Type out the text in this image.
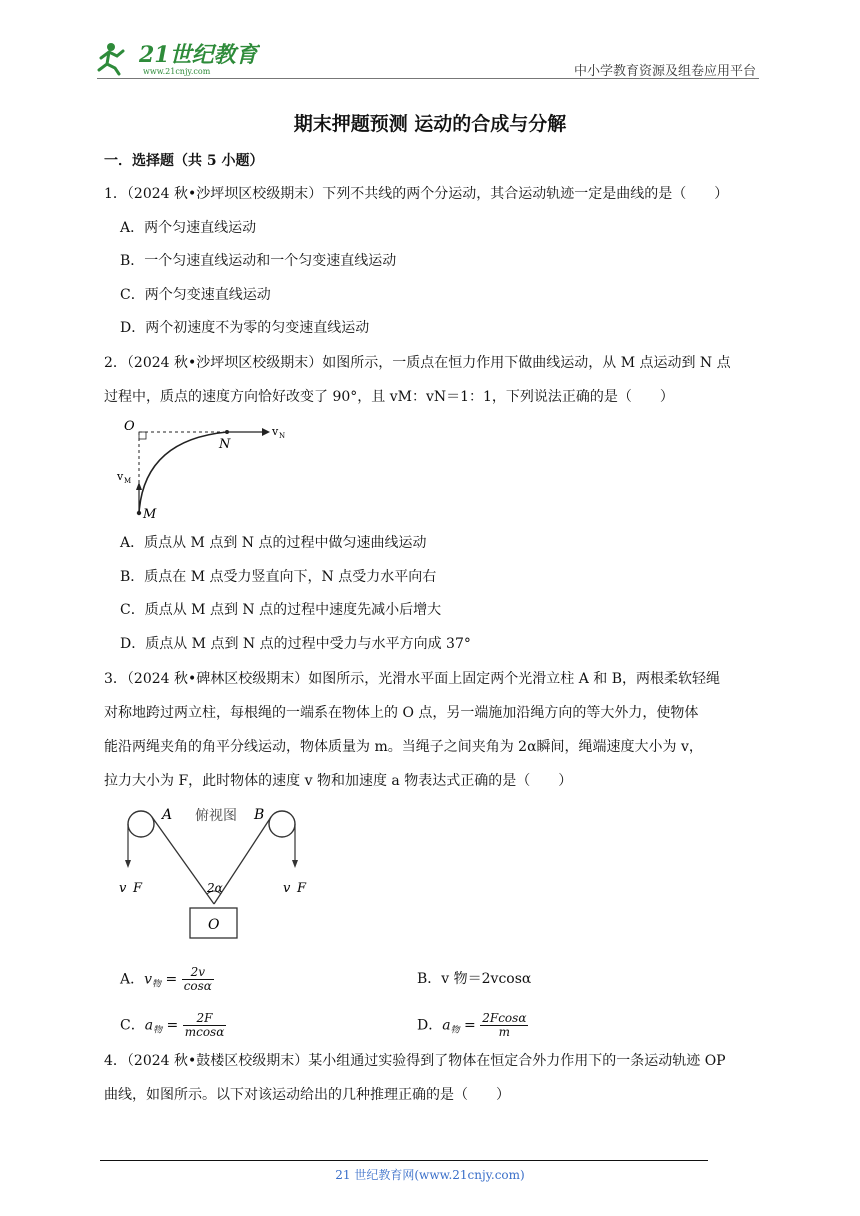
21世纪教育
www.21cnjy.com	中小学教育资源及组卷应用平台
期末押题预测 运动的合成与分解
一．选择题（共 5 小题）
1．（2024 秋•沙坪坝区校级期末）下列不共线的两个分运动，其合运动轨迹一定是曲线的是（　　）
A．两个匀速直线运动
B．一个匀速直线运动和一个匀变速直线运动
C．两个匀变速直线运动
D．两个初速度不为零的匀变速直线运动
2．（2024 秋•沙坪坝区校级期末）如图所示，一质点在恒力作用下做曲线运动，从 M 点运动到 N 点
过程中，质点的速度方向恰好改变了 90°，且 vM：vN＝1：1，下列说法正确的是（　　）
O
N
M
v N
v M
A．质点从 M 点到 N 点的过程中做匀速曲线运动
B．质点在 M 点受力竖直向下，N 点受力水平向右
C．质点从 M 点到 N 点的过程中速度先减小后增大
D．质点从 M 点到 N 点的过程中受力与水平方向成 37°
3．（2024 秋•碑林区校级期末）如图所示，光滑水平面上固定两个光滑立柱 A 和 B，两根柔软轻绳
对称地跨过两立柱，每根绳的一端系在物体上的 O 点，另一端施加沿绳方向的等大外力，使物体
能沿两绳夹角的角平分线运动，物体质量为 m。当绳子之间夹角为 2α瞬间，绳端速度大小为 v，
拉力大小为 F，此时物体的速度 v 物和加速度 a 物表达式正确的是（　　）
A	B
俯视图
2α
O
v F	v F
A．$v_物 = \frac{2v}{\cos\alpha}$	B．v 物＝2vcosα
C．$a_物 = \frac{2F}{mcos\alpha}$	D．$a_物 = \frac{2Fcos\alpha}{m}$
4．（2024 秋•鼓楼区校级期末）某小组通过实验得到了物体在恒定合外力作用下的一条运动轨迹 OP
曲线，如图所示。以下对该运动给出的几种推理正确的是（　　）
21 世纪教育网(www.21cnjy.com)
